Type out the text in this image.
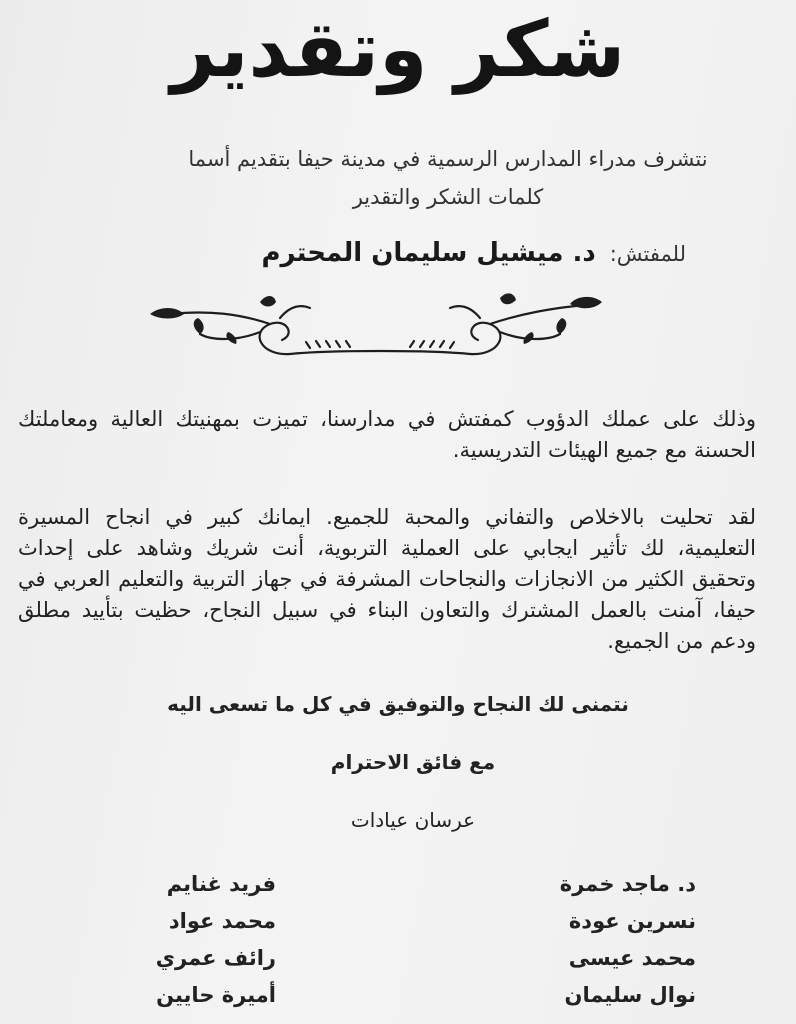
شكر وتقدير
نتشرف مدراء المدارس الرسمية في مدينة حيفا بتقديم أسما
كلمات الشكر والتقدير
للمفتش:
د. ميشيل سليمان المحترم
وذلك على عملك الدؤوب كمفتش في مدارسنا، تميزت بمهنيتك العالية ومعاملتك الحسنة مع جميع الهيئات التدريسية.
لقد تحليت بالاخلاص والتفاني والمحبة للجميع. ايمانك كبير في انجاح المسيرة التعليمية، لك تأثير ايجابي على العملية التربوية، أنت شريك وشاهد على إحداث وتحقيق الكثير من الانجازات والنجاحات المشرفة في جهاز التربية والتعليم العربي في حيفا، آمنت بالعمل المشترك والتعاون البناء في سبيل النجاح، حظيت بتأييد مطلق ودعم من الجميع.
نتمنى لك النجاح والتوفيق في كل ما تسعى اليه
مع فائق الاحترام
عرسان عيادات
د. ماجد خمرة
نسرين عودة
محمد عيسى
نوال سليمان
فريد غنايم
محمد عواد
رائف عمري
أميرة حايين
